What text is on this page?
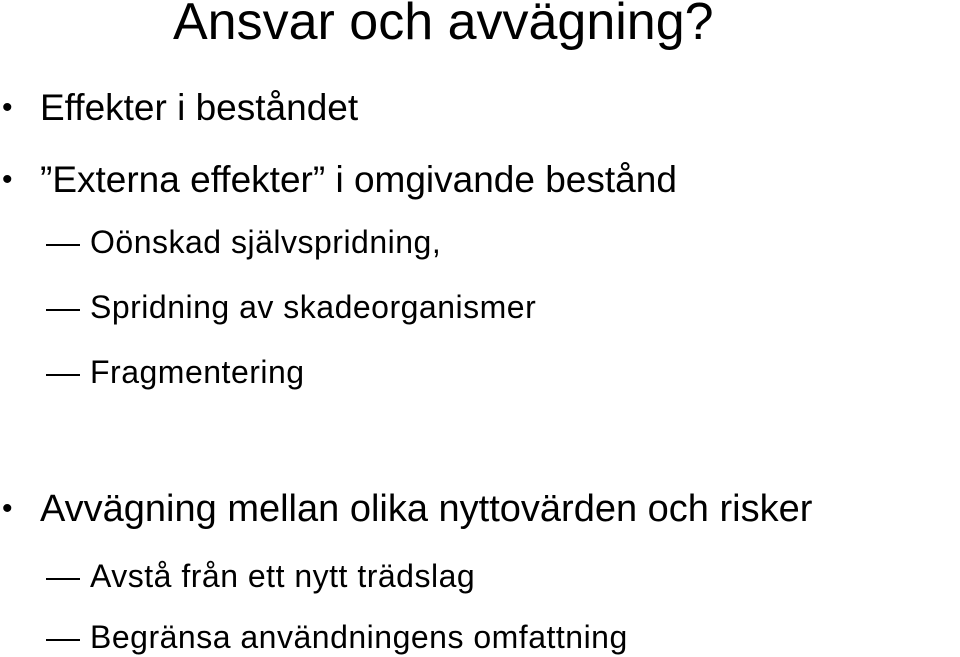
Ansvar och avvägning?
• Effekter i beståndet
• ”Externa effekter” i omgivande bestånd
Oönskad självspridning,
Spridning av skadeorganismer
Fragmentering
• Avvägning mellan olika nyttovärden och risker
Avstå från ett nytt trädslag
Begränsa användningens omfattning
